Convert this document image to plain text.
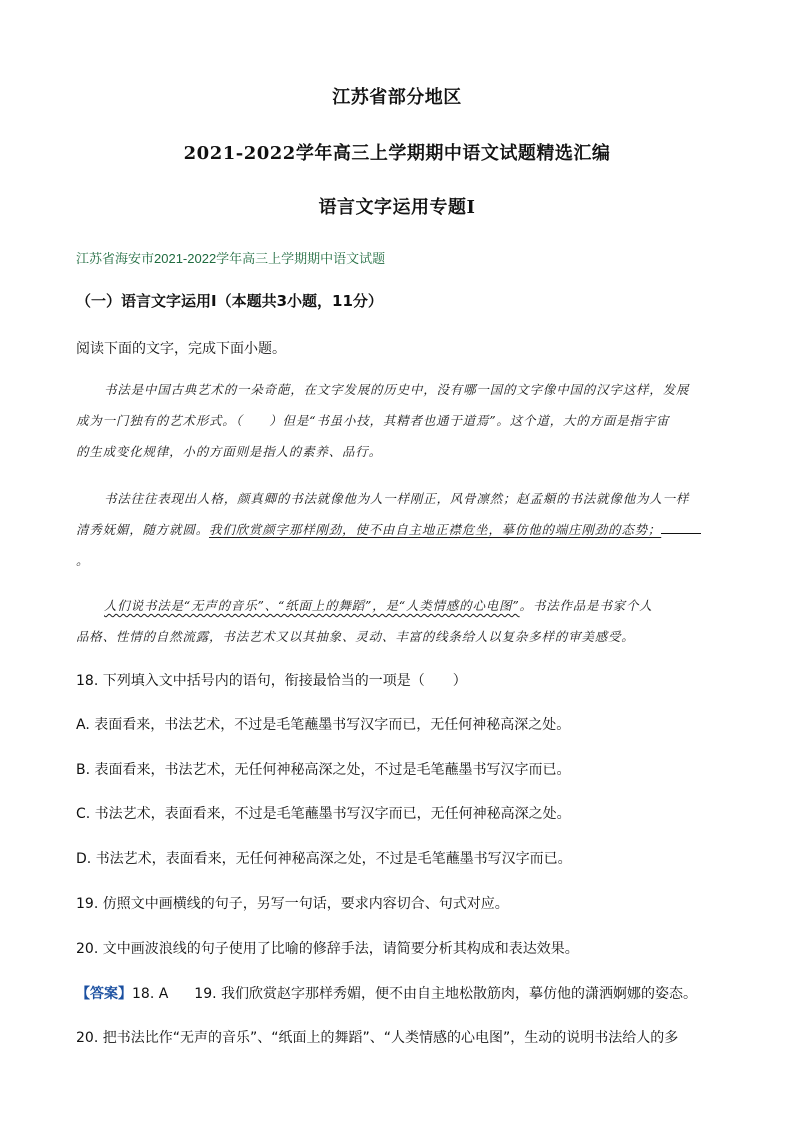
江苏省部分地区
2021-2022学年高三上学期期中语文试题精选汇编
语言文字运用专题Ⅰ
江苏省海安市2021-2022学年高三上学期期中语文试题
（一）语言文字运用Ⅰ（本题共3小题，11分）
阅读下面的文字，完成下面小题。
书法是中国古典艺术的一朵奇葩，在文字发展的历史中，没有哪一国的文字像中国的汉字这样，发展
成为一门独有的艺术形式。（　　）但是“书虽小技，其精者也通于道焉”。这个道，大的方面是指宇宙
的生成变化规律，小的方面则是指人的素养、品行。
书法往往表现出人格，颜真卿的书法就像他为人一样刚正，风骨凛然；赵孟頫的书法就像他为人一样
清秀妩媚，随方就圆。我们欣赏颜字那样刚劲，使不由自主地正襟危坐，摹仿他的端庄刚劲的态势；
。
人们说书法是“无声的音乐”、“纸面上的舞蹈”，是“人类情感的心电图”。书法作品是书家个人
品格、性情的自然流露，书法艺术又以其抽象、灵动、丰富的线条给人以复杂多样的审美感受。
18. 下列填入文中括号内的语句，衔接最恰当的一项是（　　）
A. 表面看来，书法艺术，不过是毛笔蘸墨书写汉字而已，无任何神秘高深之处。
B. 表面看来，书法艺术，无任何神秘高深之处，不过是毛笔蘸墨书写汉字而已。
C. 书法艺术，表面看来，不过是毛笔蘸墨书写汉字而已，无任何神秘高深之处。
D. 书法艺术，表面看来，无任何神秘高深之处，不过是毛笔蘸墨书写汉字而已。
19. 仿照文中画横线的句子，另写一句话，要求内容切合、句式对应。
20. 文中画波浪线的句子使用了比喻的修辞手法，请简要分析其构成和表达效果。
【答案】18. A 19. 我们欣赏赵字那样秀媚，便不由自主地松散筋肉，摹仿他的潇洒婀娜的姿态。
20. 把书法比作“无声的音乐”、“纸面上的舞蹈”、“人类情感的心电图”，生动的说明书法给人的多
